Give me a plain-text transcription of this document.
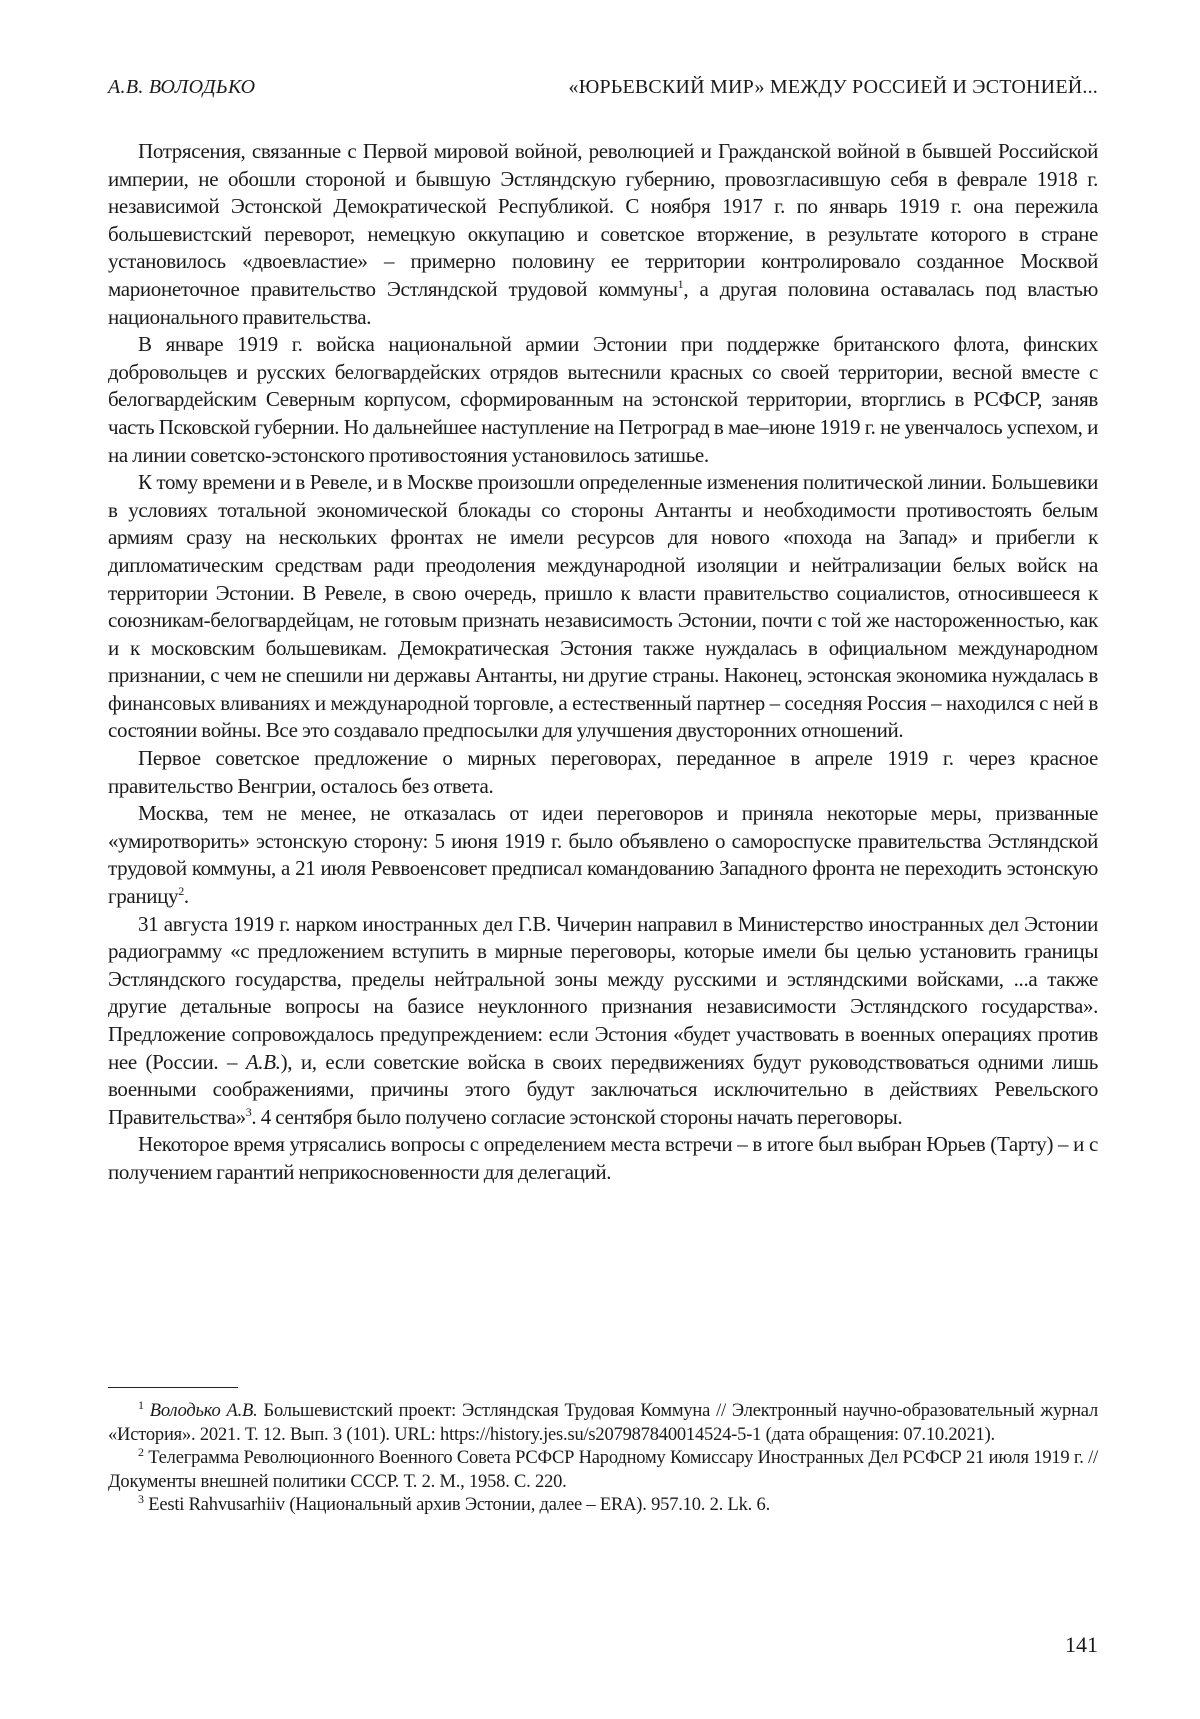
А.В. ВОЛОДЬКО	«ЮРЬЕВСКИЙ МИР» МЕЖДУ РОССИЕЙ И ЭСТОНИЕЙ...

Потрясения, связанные с Первой мировой войной, революцией и Гражданской войной в бывшей Российской империи, не обошли стороной и бывшую Эстляндскую губернию, провозгласившую себя в феврале 1918 г. независимой Эстонской Демократической Республикой. С ноября 1917 г. по январь 1919 г. она пережила большевистский переворот, немецкую оккупацию и советское вторжение, в результате которого в стране установилось «двоевластие» – примерно половину ее территории контролировало созданное Москвой марионеточное правительство Эстляндской трудовой коммуны1, а другая половина оставалась под властью национального правительства.

В январе 1919 г. войска национальной армии Эстонии при поддержке британского флота, финских добровольцев и русских белогвардейских отрядов вытеснили красных со своей территории, весной вместе с белогвардейским Северным корпусом, сформированным на эстонской территории, вторглись в РСФСР, заняв часть Псковской губернии. Но дальнейшее наступление на Петроград в мае–июне 1919 г. не увенчалось успехом, и на линии советско-эстонского противостояния установилось затишье.

К тому времени и в Ревеле, и в Москве произошли определенные изменения политической линии. Большевики в условиях тотальной экономической блокады со стороны Антанты и необходимости противостоять белым армиям сразу на нескольких фронтах не имели ресурсов для нового «похода на Запад» и прибегли к дипломатическим средствам ради преодоления международной изоляции и нейтрализации белых войск на территории Эстонии. В Ревеле, в свою очередь, пришло к власти правительство социалистов, относившееся к союзникам-белогвардейцам, не готовым признать независимость Эстонии, почти с той же настороженностью, как и к московским большевикам. Демократическая Эстония также нуждалась в официальном международном признании, с чем не спешили ни державы Антанты, ни другие страны. Наконец, эстонская экономика нуждалась в финансовых вливаниях и международной торговле, а естественный партнер – соседняя Россия – находился с ней в состоянии войны. Все это создавало предпосылки для улучшения двусторонних отношений.

Первое советское предложение о мирных переговорах, переданное в апреле 1919 г. через красное правительство Венгрии, осталось без ответа.

Москва, тем не менее, не отказалась от идеи переговоров и приняла некоторые меры, призванные «умиротворить» эстонскую сторону: 5 июня 1919 г. было объявлено о самороспуске правительства Эстляндской трудовой коммуны, а 21 июля Реввоенсовет предписал командованию Западного фронта не переходить эстонскую границу2.

31 августа 1919 г. нарком иностранных дел Г.В. Чичерин направил в Министерство иностранных дел Эстонии радиограмму «с предложением вступить в мирные переговоры, которые имели бы целью установить границы Эстляндского государства, пределы нейтральной зоны между русскими и эстляндскими войсками, ...а также другие детальные вопросы на базисе неуклонного признания независимости Эстляндского государства». Предложение сопровождалось предупреждением: если Эстония «будет участвовать в военных операциях против нее (России. – А.В.), и, если советские войска в своих передвижениях будут руководствоваться одними лишь военными соображениями, причины этого будут заключаться исключительно в действиях Ревельского Правительства»3. 4 сентября было получено согласие эстонской стороны начать переговоры.

Некоторое время утрясались вопросы с определением места встречи – в итоге был выбран Юрьев (Тарту) – и с получением гарантий неприкосновенности для делегаций.

1 Володько А.В. Большевистский проект: Эстляндская Трудовая Коммуна // Электронный научно-образовательный журнал «История». 2021. Т. 12. Вып. 3 (101). URL: https://history.jes.su/s207987840014524-5-1 (дата обращения: 07.10.2021).

2 Телеграмма Революционного Военного Совета РСФСР Народному Комиссару Иностранных Дел РСФСР 21 июля 1919 г. // Документы внешней политики СССР. Т. 2. М., 1958. С. 220.

3 Eesti Rahvusarhiiv (Национальный архив Эстонии, далее – ERA). 957.10. 2. Lk. 6.

141
